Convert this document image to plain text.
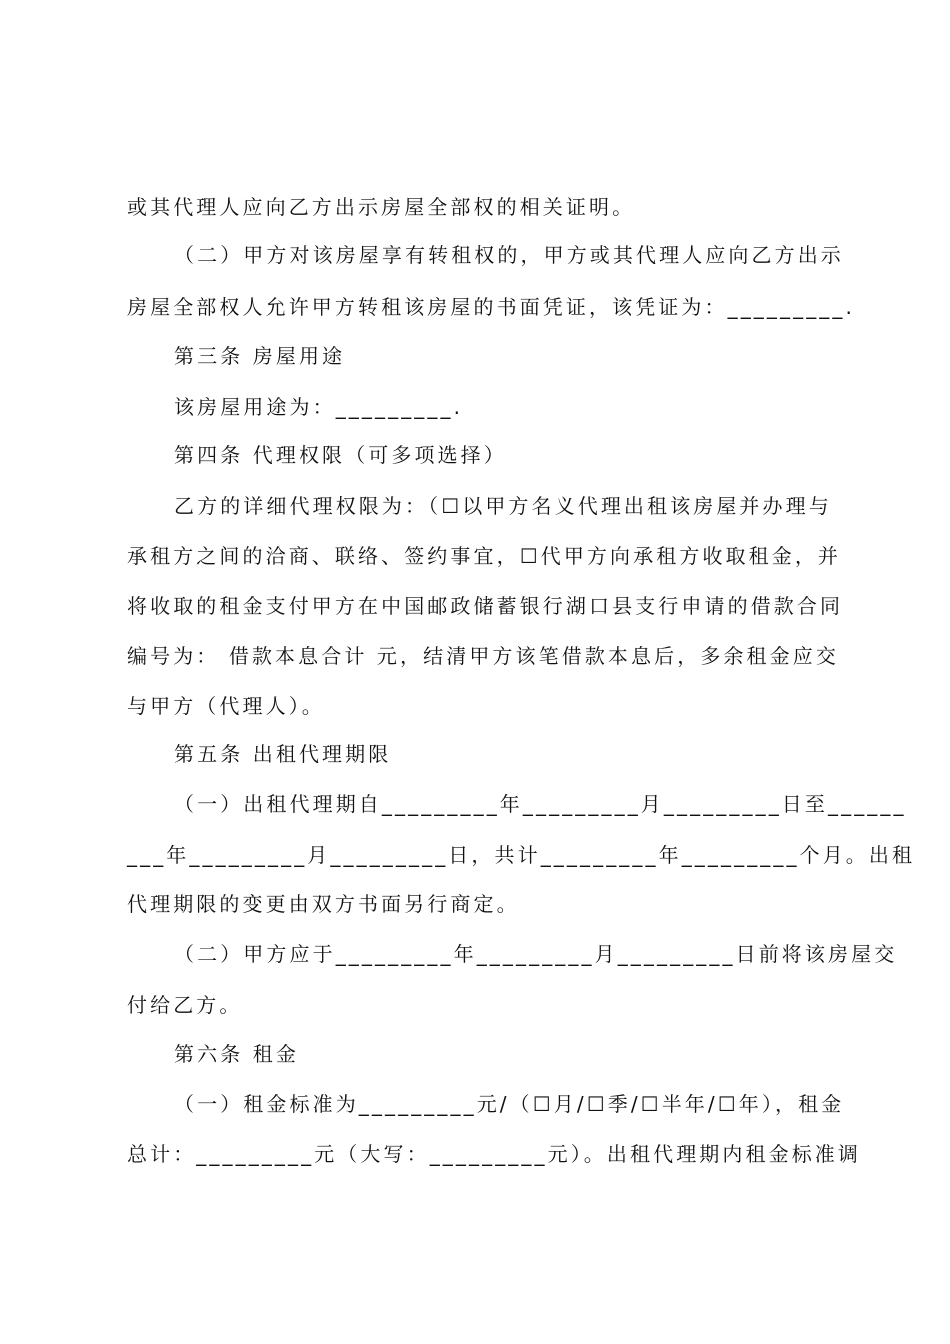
或其代理人应向乙方出示房屋全部权的相关证明。
（二）甲方对该房屋享有转租权的，甲方或其代理人应向乙方出示
房屋全部权人允许甲方转租该房屋的书面凭证，该凭证为：_________.
第三条 房屋用途
该房屋用途为：_________.
第四条 代理权限（可多项选择）
乙方的详细代理权限为：（☐以甲方名义代理出租该房屋并办理与
承租方之间的洽商、联络、签约事宜，☐代甲方向承租方收取租金，并
将收取的租金支付甲方在中国邮政储蓄银行湖口县支行申请的借款合同
编号为： 借款本息合计 元，结清甲方该笔借款本息后，多余租金应交
与甲方（代理人）。
第五条 出租代理期限
（一）出租代理期自_________年_________月_________日至______
___年_________月_________日，共计_________年_________个月。出租
代理期限的变更由双方书面另行商定。
（二）甲方应于_________年_________月_________日前将该房屋交
付给乙方。
第六条 租金
（一）租金标准为_________元/（☐月/☐季/☐半年/☐年），租金
总计：_________元（大写：_________元）。出租代理期内租金标准调
